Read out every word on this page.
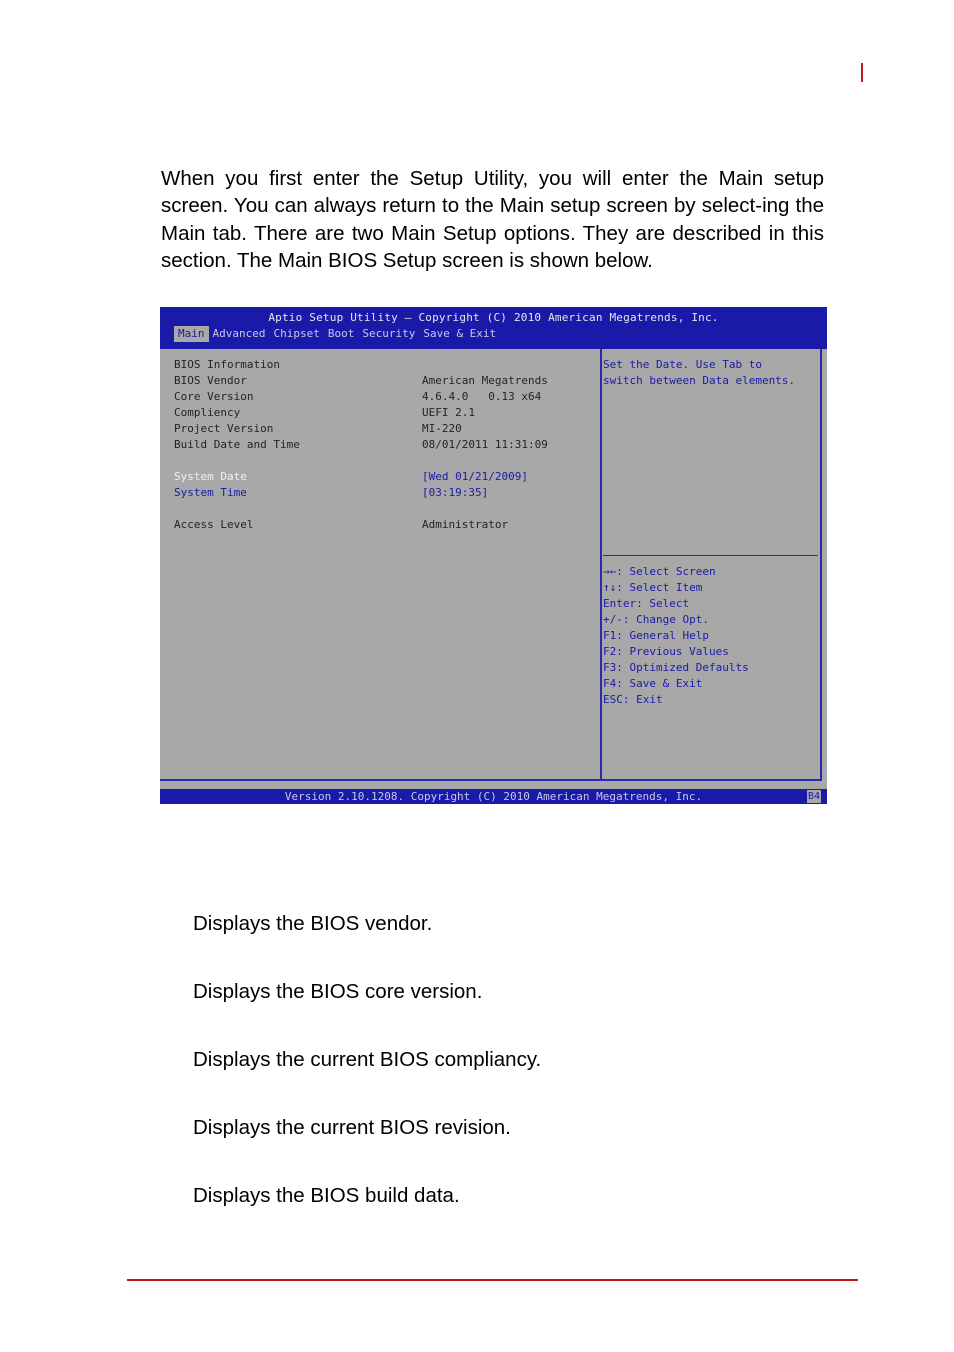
When you first enter the Setup Utility, you will enter the Main setup screen. You can always return to the Main setup screen by select-ing the Main tab. There are two Main Setup options. They are described in this section. The Main BIOS Setup screen is shown below.

Aptio Setup Utility – Copyright (C) 2010 American Megatrends, Inc.
Main Advanced Chipset Boot Security Save & Exit
BIOS Information
BIOS Vendor	American Megatrends
Core Version	4.6.4.0   0.13 x64
Compliency	UEFI 2.1
Project Version	MI-220
Build Date and Time	08/01/2011 11:31:09
System Date	[Wed 01/21/2009]
System Time	[03:19:35]
Access Level	Administrator
Set the Date. Use Tab to
switch between Data elements.
→←: Select Screen
↑↓: Select Item
Enter: Select
+/-: Change Opt.
F1: General Help
F2: Previous Values
F3: Optimized Defaults
F4: Save & Exit
ESC: Exit
Version 2.10.1208. Copyright (C) 2010 American Megatrends, Inc.	B4

Displays the BIOS vendor.

Displays the BIOS core version.

Displays the current BIOS compliancy.

Displays the current BIOS revision.

Displays the BIOS build data.
